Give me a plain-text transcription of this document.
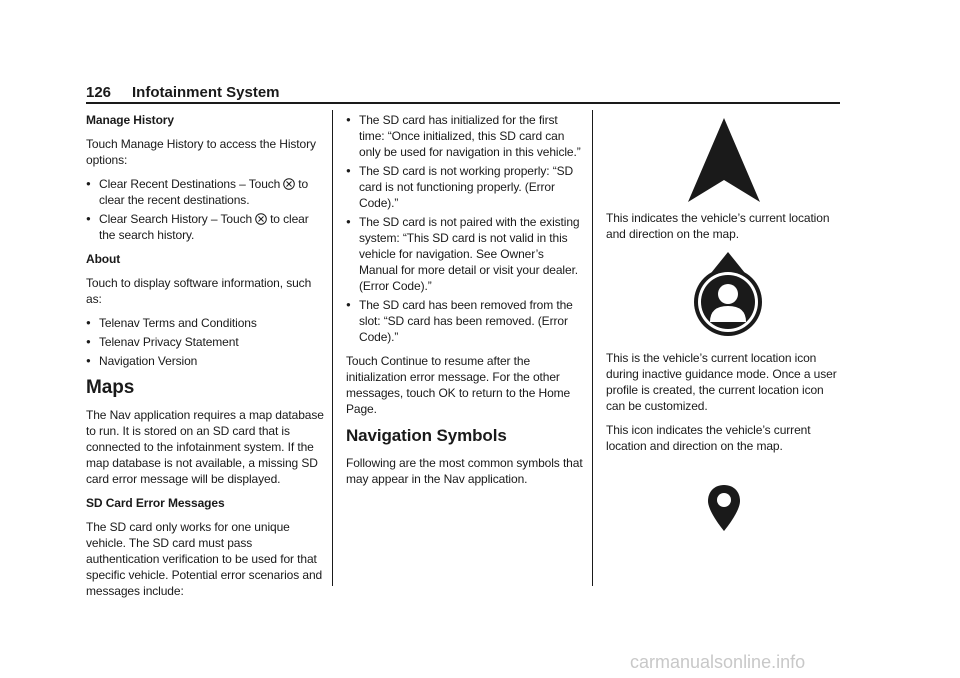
126 Infotainment System
Manage History

Touch Manage History to access the History options:

● Clear Recent Destinations – Touch to clear the recent destinations.
● Clear Search History – Touch to clear the search history.
About

Touch to display software information, such as:

● Telenav Terms and Conditions
● Telenav Privacy Statement
● Navigation Version
Maps

The Nav application requires a map database to run. It is stored on an SD card that is connected to the infotainment system. If the map database is not available, a missing SD card error message will be displayed.

SD Card Error Messages

The SD card only works for one unique vehicle. The SD card must pass authentication verification to be used for that specific vehicle. Potential error scenarios and messages include:

● The SD card has initialized for the first time: “Once initialized, this SD card can only be used for navigation in this vehicle.”
● The SD card is not working properly: “SD card is not functioning properly. (Error Code).”
● The SD card is not paired with the existing system: “This SD card is not valid in this vehicle for navigation. See Owner’s Manual for more detail or visit your dealer. (Error Code).”
● The SD card has been removed from the slot: “SD card has been removed. (Error Code).”

Touch Continue to resume after the initialization error message. For the other messages, touch OK to return to the Home Page.

Navigation Symbols

Following are the most common symbols that may appear in the Nav application.

This indicates the vehicle’s current location and direction on the map.

This is the vehicle’s current location icon during inactive guidance mode. Once a user profile is created, the current location icon can be customized.

This icon indicates the vehicle’s current location and direction on the map.

carmanualsonline.info
